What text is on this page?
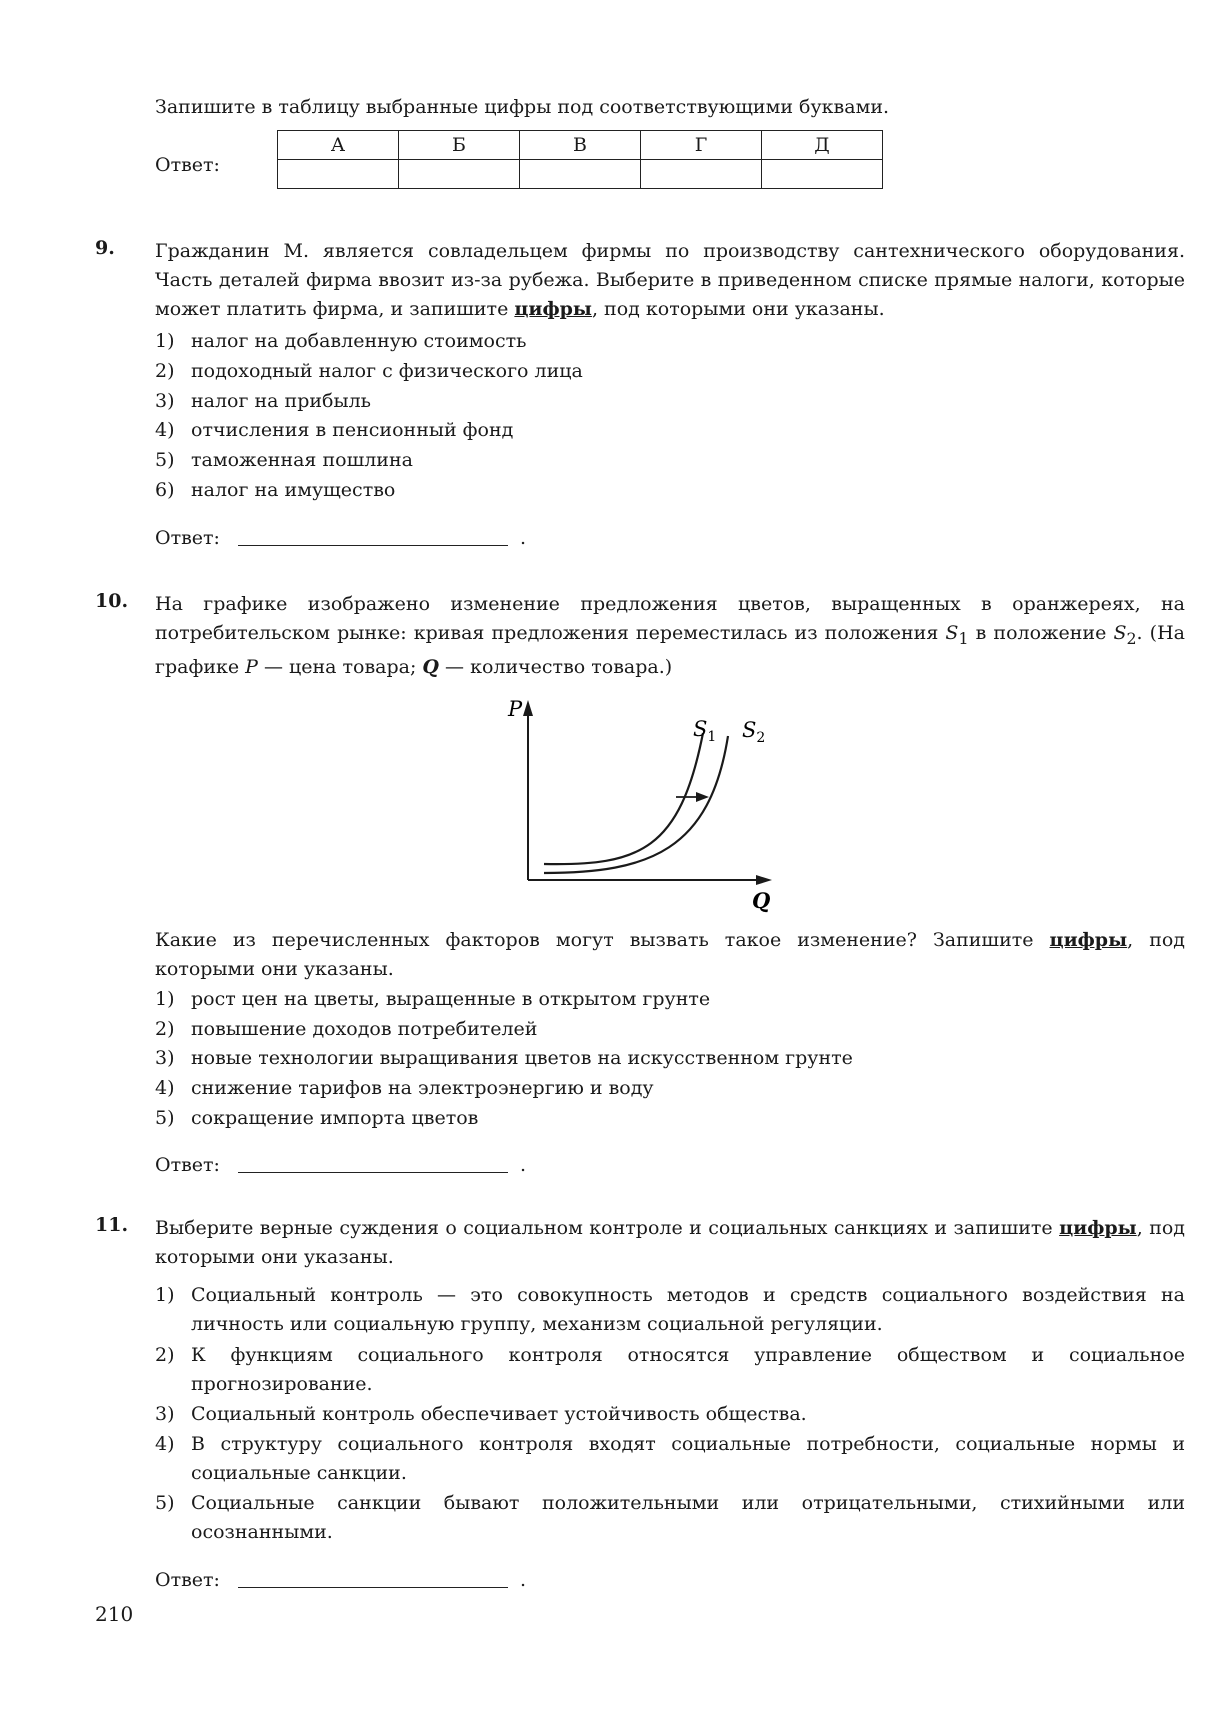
Запишите в таблицу выбранные цифры под соответствующими буквами.
Ответ:
А	Б	В	Г	Д

9. Гражданин М. является совладельцем фирмы по производству сантехнического оборудования. Часть деталей фирма ввозит из-за рубежа. Выберите в приведенном списке прямые налоги, которые может платить фирма, и запишите цифры, под которыми они указаны.
1) налог на добавленную стоимость
2) подоходный налог с физического лица
3) налог на прибыль
4) отчисления в пенсионный фонд
5) таможенная пошлина
6) налог на имущество
Ответ:	.
10. На графике изображено изменение предложения цветов, выращенных в оранжереях, на потребительском рынке: кривая предложения переместилась из положения $S_1$ в положение $S_2$. (На графике P — цена товара; Q — количество товара.)
P
Q
$S_1$ $S_2$
Какие из перечисленных факторов могут вызвать такое изменение? Запишите цифры, под которыми они указаны.
1) рост цен на цветы, выращенные в открытом грунте
2) повышение доходов потребителей
3) новые технологии выращивания цветов на искусственном грунте
4) снижение тарифов на электроэнергию и воду
5) сокращение импорта цветов
Ответ:	.
11. Выберите верные суждения о социальном контроле и социальных санкциях и запишите цифры, под которыми они указаны.
1) Социальный контроль — это совокупность методов и средств социального воздействия на личность или социальную группу, механизм социальной регуляции.
2) К функциям социального контроля относятся управление обществом и социальное прогнозирование.
3) Социальный контроль обеспечивает устойчивость общества.
4) В структуру социального контроля входят социальные потребности, социальные нормы и социальные санкции.
5) Социальные санкции бывают положительными или отрицательными, стихийными или осознанными.
Ответ:	.
210
